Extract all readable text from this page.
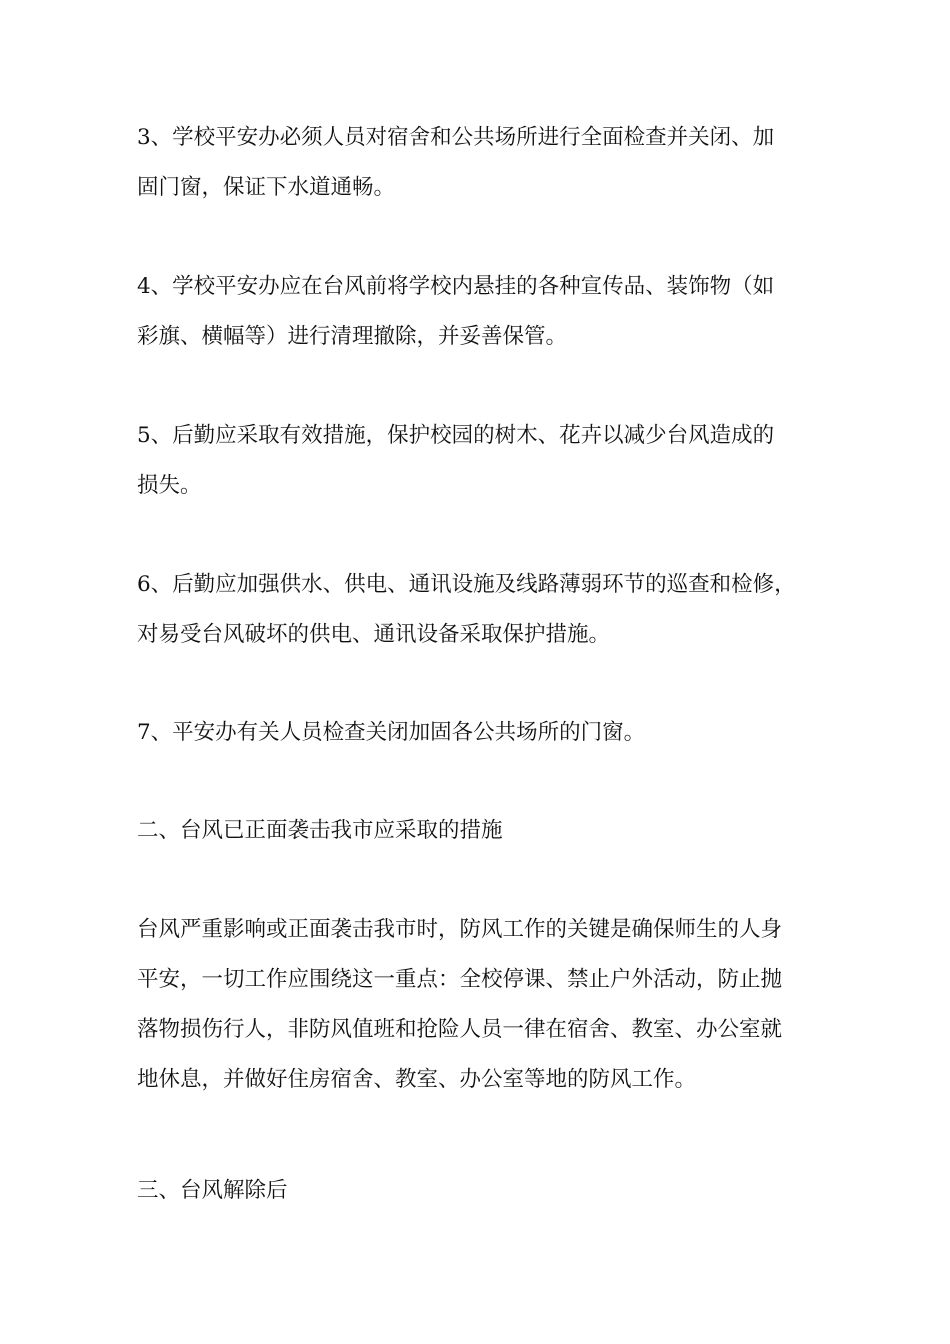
3、学校平安办必须人员对宿舍和公共场所进行全面检查并关闭、加
固门窗，保证下水道通畅。

4、学校平安办应在台风前将学校内悬挂的各种宣传品、装饰物（如
彩旗、横幅等）进行清理撤除，并妥善保管。

5、后勤应采取有效措施，保护校园的树木、花卉以减少台风造成的
损失。

6、后勤应加强供水、供电、通讯设施及线路薄弱环节的巡查和检修，
对易受台风破坏的供电、通讯设备采取保护措施。

7、平安办有关人员检查关闭加固各公共场所的门窗。

二、台风已正面袭击我市应采取的措施

台风严重影响或正面袭击我市时，防风工作的关键是确保师生的人身
平安，一切工作应围绕这一重点：全校停课、禁止户外活动，防止抛
落物损伤行人，非防风值班和抢险人员一律在宿舍、教室、办公室就
地休息，并做好住房宿舍、教室、办公室等地的防风工作。

三、台风解除后
